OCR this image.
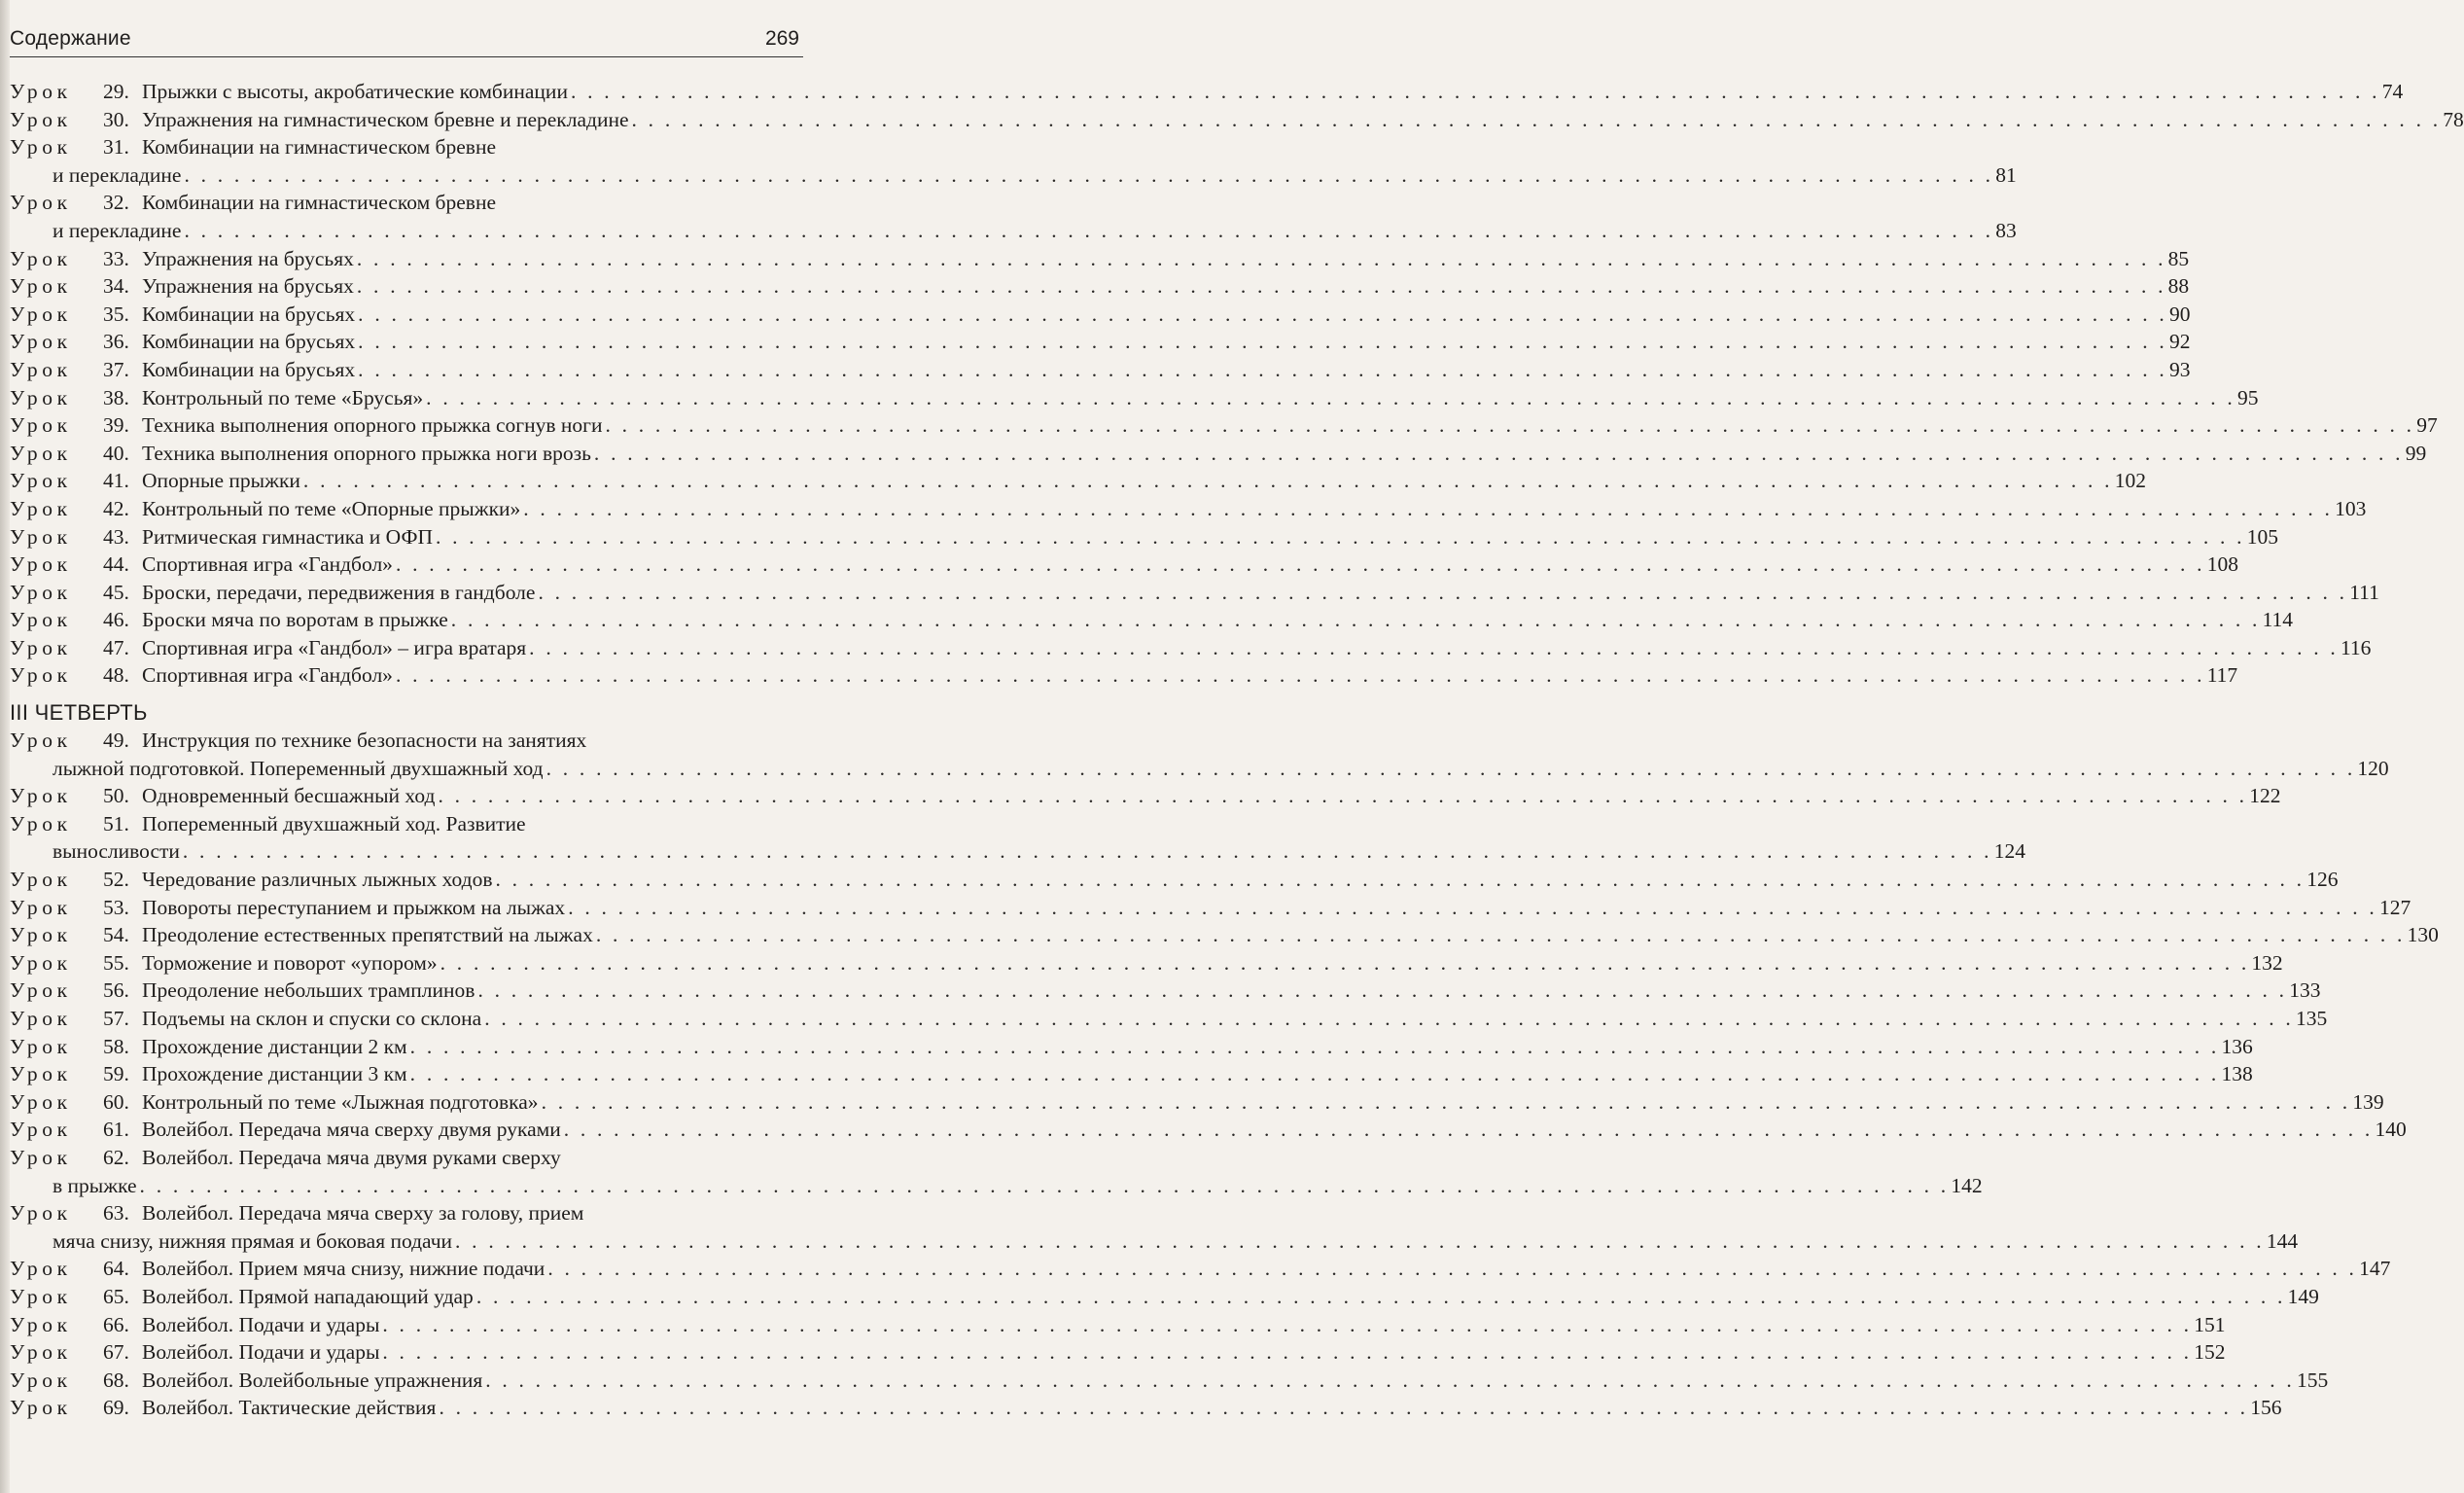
Содержание	269
Урок 29. Прыжки с высоты, акробатические комбинации . . . . . . . . . . . . . . . . . . . . . . . . . . . . . . . . . . . . . . . . . . . . . . . . . . . . . . . . . . . . . . . . . . . . . . . . . . . . . . . . . . . . . . . . . . . . . . . . . . . . . . . . . . . . . 74
Урок 30. Упражнения на гимнастическом бревне и перекладине . . . . . . . . . . . . . . . . . . . . . . . . . . . . . . . . . . . . . . . . . . . . . . . . . . . . . . . . . . . . . . . . . . . . . . . . . . . . . . . . . . . . . . . . . . . . . . . . . . . . . . . . . . . . . 78
Урок 31. Комбинации на гимнастическом бревне
и перекладине . . . . . . . . . . . . . . . . . . . . . . . . . . . . . . . . . . . . . . . . . . . . . . . . . . . . . . . . . . . . . . . . . . . . . . . . . . . . . . . . . . . . . . . . . . . . . . . . . . . . . . . . . . . . . 81
Урок 32. Комбинации на гимнастическом бревне
и перекладине . . . . . . . . . . . . . . . . . . . . . . . . . . . . . . . . . . . . . . . . . . . . . . . . . . . . . . . . . . . . . . . . . . . . . . . . . . . . . . . . . . . . . . . . . . . . . . . . . . . . . . . . . . . . . 83
Урок 33. Упражнения на брусьях . . . . . . . . . . . . . . . . . . . . . . . . . . . . . . . . . . . . . . . . . . . . . . . . . . . . . . . . . . . . . . . . . . . . . . . . . . . . . . . . . . . . . . . . . . . . . . . . . . . . . . . . . . . . . 85
Урок 34. Упражнения на брусьях . . . . . . . . . . . . . . . . . . . . . . . . . . . . . . . . . . . . . . . . . . . . . . . . . . . . . . . . . . . . . . . . . . . . . . . . . . . . . . . . . . . . . . . . . . . . . . . . . . . . . . . . . . . . . 88
Урок 35. Комбинации на брусьях . . . . . . . . . . . . . . . . . . . . . . . . . . . . . . . . . . . . . . . . . . . . . . . . . . . . . . . . . . . . . . . . . . . . . . . . . . . . . . . . . . . . . . . . . . . . . . . . . . . . . . . . . . . . . 90
Урок 36. Комбинации на брусьях . . . . . . . . . . . . . . . . . . . . . . . . . . . . . . . . . . . . . . . . . . . . . . . . . . . . . . . . . . . . . . . . . . . . . . . . . . . . . . . . . . . . . . . . . . . . . . . . . . . . . . . . . . . . . 92
Урок 37. Комбинации на брусьях . . . . . . . . . . . . . . . . . . . . . . . . . . . . . . . . . . . . . . . . . . . . . . . . . . . . . . . . . . . . . . . . . . . . . . . . . . . . . . . . . . . . . . . . . . . . . . . . . . . . . . . . . . . . . 93
Урок 38. Контрольный по теме «Брусья» . . . . . . . . . . . . . . . . . . . . . . . . . . . . . . . . . . . . . . . . . . . . . . . . . . . . . . . . . . . . . . . . . . . . . . . . . . . . . . . . . . . . . . . . . . . . . . . . . . . . . . . . . . . . . 95
Урок 39. Техника выполнения опорного прыжка согнув ноги . . . . . . . . . . . . . . . . . . . . . . . . . . . . . . . . . . . . . . . . . . . . . . . . . . . . . . . . . . . . . . . . . . . . . . . . . . . . . . . . . . . . . . . . . . . . . . . . . . . . . . . . . . . . . 97
Урок 40. Техника выполнения опорного прыжка ноги врозь . . . . . . . . . . . . . . . . . . . . . . . . . . . . . . . . . . . . . . . . . . . . . . . . . . . . . . . . . . . . . . . . . . . . . . . . . . . . . . . . . . . . . . . . . . . . . . . . . . . . . . . . . . . . . 99
Урок 41. Опорные прыжки . . . . . . . . . . . . . . . . . . . . . . . . . . . . . . . . . . . . . . . . . . . . . . . . . . . . . . . . . . . . . . . . . . . . . . . . . . . . . . . . . . . . . . . . . . . . . . . . . . . . . . . . . . . . . 102
Урок 42. Контрольный по теме «Опорные прыжки» . . . . . . . . . . . . . . . . . . . . . . . . . . . . . . . . . . . . . . . . . . . . . . . . . . . . . . . . . . . . . . . . . . . . . . . . . . . . . . . . . . . . . . . . . . . . . . . . . . . . . . . . . . . . . 103
Урок 43. Ритмическая гимнастика и ОФП . . . . . . . . . . . . . . . . . . . . . . . . . . . . . . . . . . . . . . . . . . . . . . . . . . . . . . . . . . . . . . . . . . . . . . . . . . . . . . . . . . . . . . . . . . . . . . . . . . . . . . . . . . . . . 105
Урок 44. Спортивная игра «Гандбол» . . . . . . . . . . . . . . . . . . . . . . . . . . . . . . . . . . . . . . . . . . . . . . . . . . . . . . . . . . . . . . . . . . . . . . . . . . . . . . . . . . . . . . . . . . . . . . . . . . . . . . . . . . . . . 108
Урок 45. Броски, передачи, передвижения в гандболе . . . . . . . . . . . . . . . . . . . . . . . . . . . . . . . . . . . . . . . . . . . . . . . . . . . . . . . . . . . . . . . . . . . . . . . . . . . . . . . . . . . . . . . . . . . . . . . . . . . . . . . . . . . . . 111
Урок 46. Броски мяча по воротам в прыжке . . . . . . . . . . . . . . . . . . . . . . . . . . . . . . . . . . . . . . . . . . . . . . . . . . . . . . . . . . . . . . . . . . . . . . . . . . . . . . . . . . . . . . . . . . . . . . . . . . . . . . . . . . . . . 114
Урок 47. Спортивная игра «Гандбол» – игра вратаря . . . . . . . . . . . . . . . . . . . . . . . . . . . . . . . . . . . . . . . . . . . . . . . . . . . . . . . . . . . . . . . . . . . . . . . . . . . . . . . . . . . . . . . . . . . . . . . . . . . . . . . . . . . . . 116
Урок 48. Спортивная игра «Гандбол» . . . . . . . . . . . . . . . . . . . . . . . . . . . . . . . . . . . . . . . . . . . . . . . . . . . . . . . . . . . . . . . . . . . . . . . . . . . . . . . . . . . . . . . . . . . . . . . . . . . . . . . . . . . . . 117
III ЧЕТВЕРТЬ
Урок 49. Инструкция по технике безопасности на занятиях
лыжной подготовкой. Попеременный двухшажный ход . . . . . . . . . . . . . . . . . . . . . . . . . . . . . . . . . . . . . . . . . . . . . . . . . . . . . . . . . . . . . . . . . . . . . . . . . . . . . . . . . . . . . . . . . . . . . . . . . . . . . . . . . . . . . 120
Урок 50. Одновременный бесшажный ход . . . . . . . . . . . . . . . . . . . . . . . . . . . . . . . . . . . . . . . . . . . . . . . . . . . . . . . . . . . . . . . . . . . . . . . . . . . . . . . . . . . . . . . . . . . . . . . . . . . . . . . . . . . . . 122
Урок 51. Попеременный двухшажный ход. Развитие
выносливости . . . . . . . . . . . . . . . . . . . . . . . . . . . . . . . . . . . . . . . . . . . . . . . . . . . . . . . . . . . . . . . . . . . . . . . . . . . . . . . . . . . . . . . . . . . . . . . . . . . . . . . . . . . . . 124
Урок 52. Чередование различных лыжных ходов . . . . . . . . . . . . . . . . . . . . . . . . . . . . . . . . . . . . . . . . . . . . . . . . . . . . . . . . . . . . . . . . . . . . . . . . . . . . . . . . . . . . . . . . . . . . . . . . . . . . . . . . . . . . . 126
Урок 53. Повороты переступанием и прыжком на лыжах . . . . . . . . . . . . . . . . . . . . . . . . . . . . . . . . . . . . . . . . . . . . . . . . . . . . . . . . . . . . . . . . . . . . . . . . . . . . . . . . . . . . . . . . . . . . . . . . . . . . . . . . . . . . . 127
Урок 54. Преодоление естественных препятствий на лыжах . . . . . . . . . . . . . . . . . . . . . . . . . . . . . . . . . . . . . . . . . . . . . . . . . . . . . . . . . . . . . . . . . . . . . . . . . . . . . . . . . . . . . . . . . . . . . . . . . . . . . . . . . . . . . 130
Урок 55. Торможение и поворот «упором» . . . . . . . . . . . . . . . . . . . . . . . . . . . . . . . . . . . . . . . . . . . . . . . . . . . . . . . . . . . . . . . . . . . . . . . . . . . . . . . . . . . . . . . . . . . . . . . . . . . . . . . . . . . . . 132
Урок 56. Преодоление небольших трамплинов . . . . . . . . . . . . . . . . . . . . . . . . . . . . . . . . . . . . . . . . . . . . . . . . . . . . . . . . . . . . . . . . . . . . . . . . . . . . . . . . . . . . . . . . . . . . . . . . . . . . . . . . . . . . . 133
Урок 57. Подъемы на склон и спуски со склона . . . . . . . . . . . . . . . . . . . . . . . . . . . . . . . . . . . . . . . . . . . . . . . . . . . . . . . . . . . . . . . . . . . . . . . . . . . . . . . . . . . . . . . . . . . . . . . . . . . . . . . . . . . . . 135
Урок 58. Прохождение дистанции 2 км . . . . . . . . . . . . . . . . . . . . . . . . . . . . . . . . . . . . . . . . . . . . . . . . . . . . . . . . . . . . . . . . . . . . . . . . . . . . . . . . . . . . . . . . . . . . . . . . . . . . . . . . . . . . . 136
Урок 59. Прохождение дистанции 3 км . . . . . . . . . . . . . . . . . . . . . . . . . . . . . . . . . . . . . . . . . . . . . . . . . . . . . . . . . . . . . . . . . . . . . . . . . . . . . . . . . . . . . . . . . . . . . . . . . . . . . . . . . . . . . 138
Урок 60. Контрольный по теме «Лыжная подготовка» . . . . . . . . . . . . . . . . . . . . . . . . . . . . . . . . . . . . . . . . . . . . . . . . . . . . . . . . . . . . . . . . . . . . . . . . . . . . . . . . . . . . . . . . . . . . . . . . . . . . . . . . . . . . . 139
Урок 61. Волейбол. Передача мяча сверху двумя руками . . . . . . . . . . . . . . . . . . . . . . . . . . . . . . . . . . . . . . . . . . . . . . . . . . . . . . . . . . . . . . . . . . . . . . . . . . . . . . . . . . . . . . . . . . . . . . . . . . . . . . . . . . . . . 140
Урок 62. Волейбол. Передача мяча двумя руками сверху
в прыжке . . . . . . . . . . . . . . . . . . . . . . . . . . . . . . . . . . . . . . . . . . . . . . . . . . . . . . . . . . . . . . . . . . . . . . . . . . . . . . . . . . . . . . . . . . . . . . . . . . . . . . . . . . . . . 142
Урок 63. Волейбол. Передача мяча сверху за голову, прием
мяча снизу, нижняя прямая и боковая подачи . . . . . . . . . . . . . . . . . . . . . . . . . . . . . . . . . . . . . . . . . . . . . . . . . . . . . . . . . . . . . . . . . . . . . . . . . . . . . . . . . . . . . . . . . . . . . . . . . . . . . . . . . . . . . 144
Урок 64. Волейбол. Прием мяча снизу, нижние подачи . . . . . . . . . . . . . . . . . . . . . . . . . . . . . . . . . . . . . . . . . . . . . . . . . . . . . . . . . . . . . . . . . . . . . . . . . . . . . . . . . . . . . . . . . . . . . . . . . . . . . . . . . . . . . 147
Урок 65. Волейбол. Прямой нападающий удар . . . . . . . . . . . . . . . . . . . . . . . . . . . . . . . . . . . . . . . . . . . . . . . . . . . . . . . . . . . . . . . . . . . . . . . . . . . . . . . . . . . . . . . . . . . . . . . . . . . . . . . . . . . . . 149
Урок 66. Волейбол. Подачи и удары . . . . . . . . . . . . . . . . . . . . . . . . . . . . . . . . . . . . . . . . . . . . . . . . . . . . . . . . . . . . . . . . . . . . . . . . . . . . . . . . . . . . . . . . . . . . . . . . . . . . . . . . . . . . . 151
Урок 67. Волейбол. Подачи и удары . . . . . . . . . . . . . . . . . . . . . . . . . . . . . . . . . . . . . . . . . . . . . . . . . . . . . . . . . . . . . . . . . . . . . . . . . . . . . . . . . . . . . . . . . . . . . . . . . . . . . . . . . . . . . 152
Урок 68. Волейбол. Волейбольные упражнения . . . . . . . . . . . . . . . . . . . . . . . . . . . . . . . . . . . . . . . . . . . . . . . . . . . . . . . . . . . . . . . . . . . . . . . . . . . . . . . . . . . . . . . . . . . . . . . . . . . . . . . . . . . . . 155
Урок 69. Волейбол. Тактические действия . . . . . . . . . . . . . . . . . . . . . . . . . . . . . . . . . . . . . . . . . . . . . . . . . . . . . . . . . . . . . . . . . . . . . . . . . . . . . . . . . . . . . . . . . . . . . . . . . . . . . . . . . . . . . 156
